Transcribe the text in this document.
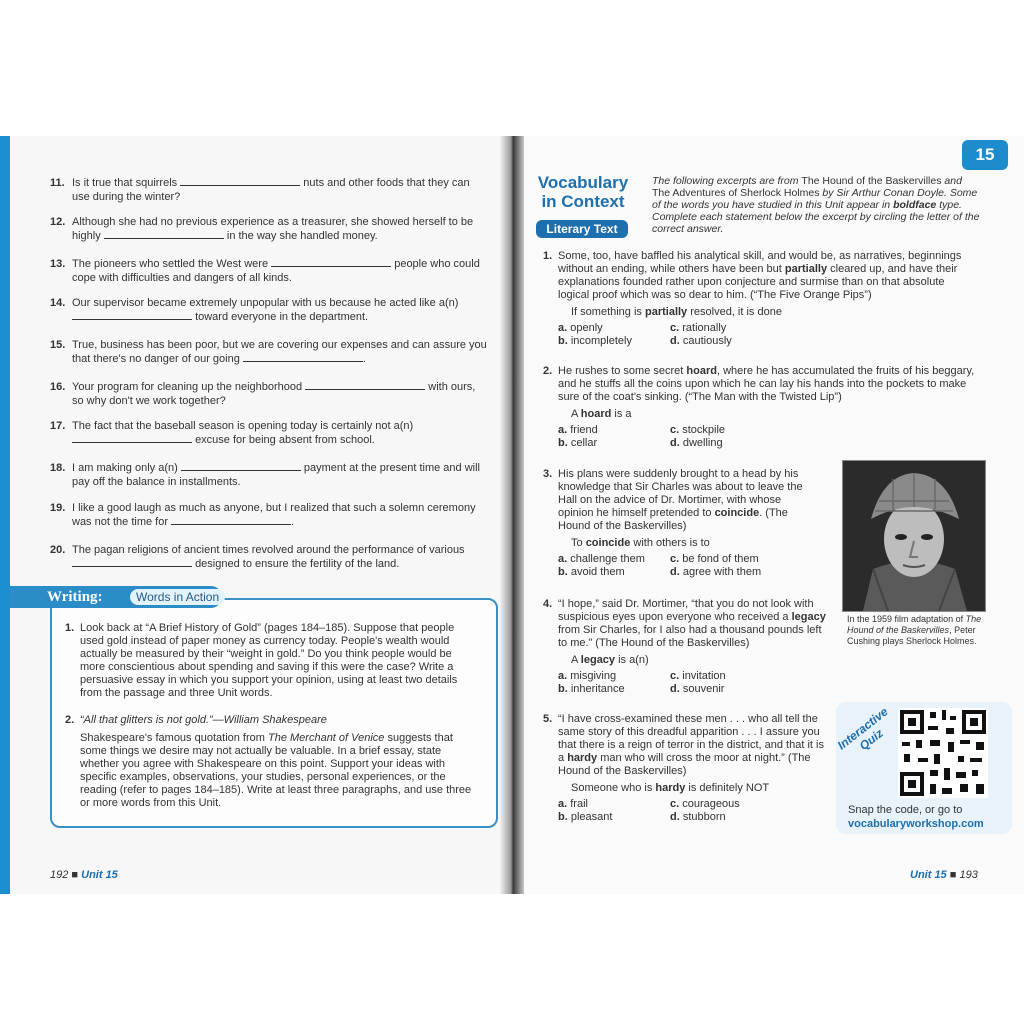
11. Is it true that squirrels	nuts and other foods that they can use during the winter?
12. Although she had no previous experience as a treasurer, she showed herself to be highly	in the way she handled money.
13. The pioneers who settled the West were	people who could cope with difficulties and dangers of all kinds.
14. Our supervisor became extremely unpopular with us because he acted like a(n)  toward everyone in the department.
15. True, business has been poor, but we are covering our expenses and can assure you that there's no danger of our going	.
16. Your program for cleaning up the neighborhood	with ours, so why don't we work together?
17. The fact that the baseball season is opening today is certainly not a(n)  excuse for being absent from school.
18. I am making only a(n)	payment at the present time and will pay off the balance in installments.
19. I like a good laugh as much as anyone, but I realized that such a solemn ceremony was not the time for	.
20. The pagan religions of ancient times revolved around the performance of various  designed to ensure the fertility of the land.
Writing:	Words in Action
1. Look back at “A Brief History of Gold” (pages 184–185). Suppose that people used gold instead of paper money as currency today. People's wealth would actually be measured by their “weight in gold.” Do you think people would be more conscientious about spending and saving if this were the case? Write a persuasive essay in which you support your opinion, using at least two details from the passage and three Unit words.
2. “All that glitters is not gold.”—William Shakespeare
Shakespeare's famous quotation from The Merchant of Venice suggests that some things we desire may not actually be valuable. In a brief essay, state whether you agree with Shakespeare on this point. Support your ideas with specific examples, observations, your studies, personal experiences, or the reading (refer to pages 184–185). Write at least three paragraphs, and use three or more words from this Unit.
192 ■ Unit 15
15
Vocabulary
in Context
Literary Text
The following excerpts are from The Hound of the Baskervilles and The Adventures of Sherlock Holmes by Sir Arthur Conan Doyle. Some of the words you have studied in this Unit appear in boldface type. Complete each statement below the excerpt by circling the letter of the correct answer.
1. Some, too, have baffled his analytical skill, and would be, as narratives, beginnings without an ending, while others have been but partially cleared up, and have their explanations founded rather upon conjecture and surmise than on that absolute logical proof which was so dear to him. (“The Five Orange Pips”)
If something is partially resolved, it is done
a. openly	c. rationally
b. incompletely	d. cautiously
2. He rushes to some secret hoard, where he has accumulated the fruits of his beggary, and he stuffs all the coins upon which he can lay his hands into the pockets to make sure of the coat's sinking. (“The Man with the Twisted Lip”)
A hoard is a
a. friend	c. stockpile
b. cellar	d. dwelling
3. His plans were suddenly brought to a head by his knowledge that Sir Charles was about to leave the Hall on the advice of Dr. Mortimer, with whose opinion he himself pretended to coincide. (The Hound of the Baskervilles)
To coincide with others is to
a. challenge them	c. be fond of them
b. avoid them	d. agree with them
4. “I hope,” said Dr. Mortimer, “that you do not look with suspicious eyes upon everyone who received a legacy from Sir Charles, for I also had a thousand pounds left to me.” (The Hound of the Baskervilles)
A legacy is a(n)
a. misgiving	c. invitation
b. inheritance	d. souvenir
5. “I have cross-examined these men . . . who all tell the same story of this dreadful apparition . . . I assure you that there is a reign of terror in the district, and that it is a hardy man who will cross the moor at night.” (The Hound of the Baskervilles)
Someone who is hardy is definitely NOT
a. frail	c. courageous
b. pleasant	d. stubborn
In the 1959 film adaptation of The Hound of the Baskervilles, Peter Cushing plays Sherlock Holmes.
Interactive Quiz
Snap the code, or go to
vocabularyworkshop.com
Unit 15 ■ 193
